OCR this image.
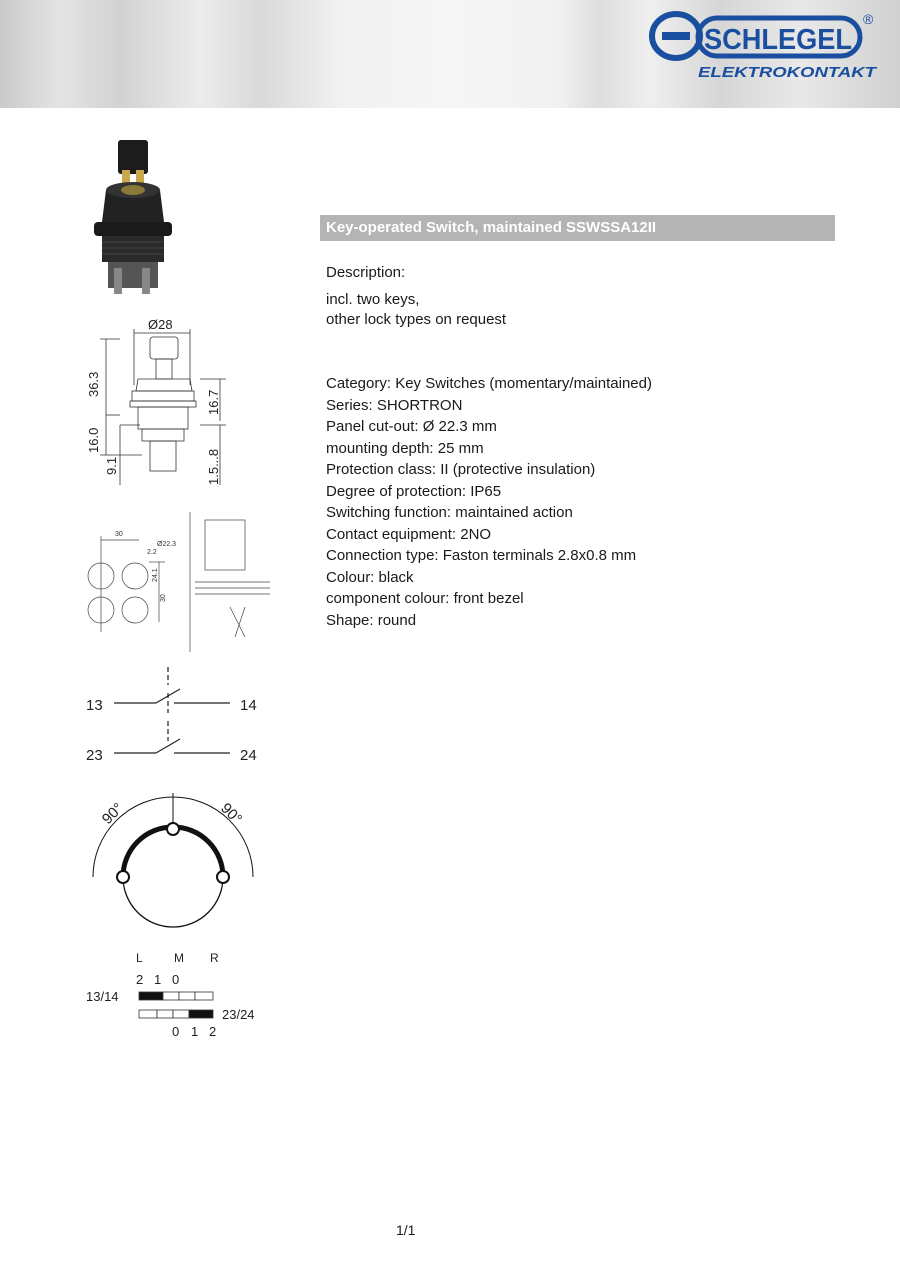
SCHLEGEL
®
ELEKTROKONTAKT
Ø28
36.3
16.0
9.1
16.7
1.5...8
30
Ø22.3
2.2
24.1
30
13	14
23	24
90°	90°
L	M R
2 1 0
13/14
23/24
0 1 2
Key-operated Switch, maintained SSWSSA12II
Description:
incl. two keys,
other lock types on request
Category: Key Switches (momentary/maintained)
Series: SHORTRON
Panel cut-out: Ø 22.3 mm
mounting depth: 25 mm
Protection class: II (protective insulation)
Degree of protection: IP65
Switching function: maintained action
Contact equipment: 2NO
Connection type: Faston terminals 2.8x0.8 mm
Colour: black
component colour: front bezel
Shape: round
1/1
